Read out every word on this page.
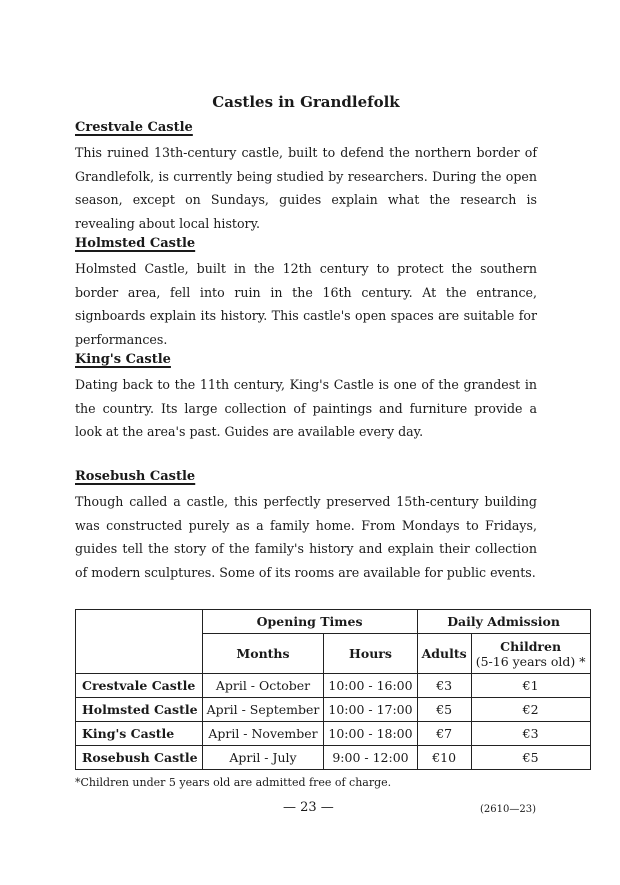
Castles in Grandlefolk
Crestvale Castle
This ruined 13th-century castle, built to defend the northern border of Grandlefolk, is currently being studied by researchers. During the open season, except on Sundays, guides explain what the research is revealing about local history.
Holmsted Castle
Holmsted Castle, built in the 12th century to protect the southern border area, fell into ruin in the 16th century. At the entrance, signboards explain its history. This castle's open spaces are suitable for performances.
King's Castle
Dating back to the 11th century, King's Castle is one of the grandest in the country. Its large collection of paintings and furniture provide a look at the area's past. Guides are available every day.
Rosebush Castle
Though called a castle, this perfectly preserved 15th-century building was constructed purely as a family home. From Mondays to Fridays, guides tell the story of the family's history and explain their collection of modern sculptures. Some of its rooms are available for public events.
	Opening Times		Daily Admission	
	Months	Hours	Adults	Children
(5-16 years old) *

Crestvale Castle	April - October	10:00 - 16:00	€3	€1
Holmsted Castle	April - September	10:00 - 17:00	€5	€2
King's Castle	April - November	10:00 - 18:00	€7	€3
Rosebush Castle	April - July	9:00 - 12:00	€10	€5
*Children under 5 years old are admitted free of charge.
— 23 —	(2610—23)
